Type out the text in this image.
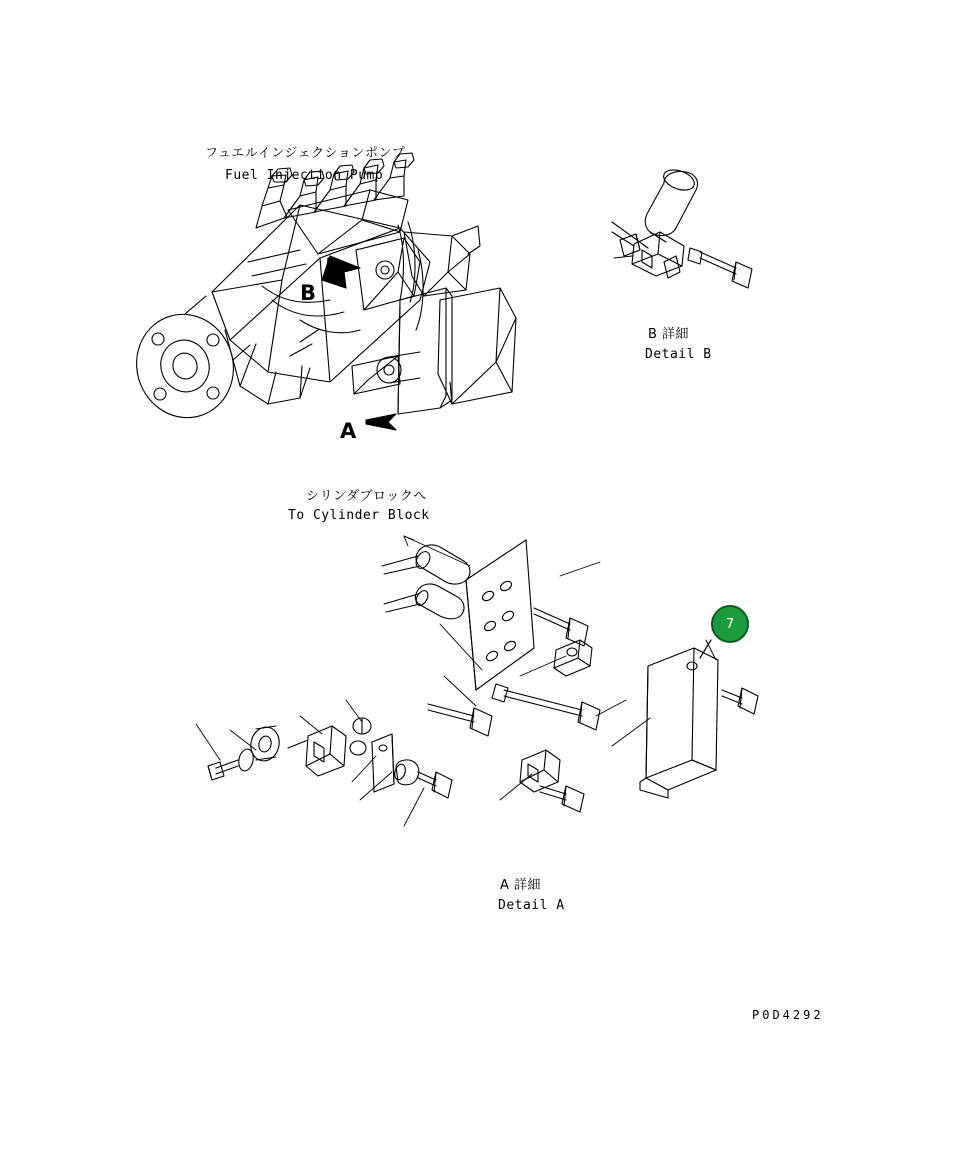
フュエルインジェクションポンプ
Fuel Injection Pump
シリンダブロックへ
To Cylinder Block
B 詳細
Detail B
A 詳細
Detail A
B
A
P0D4292
7
